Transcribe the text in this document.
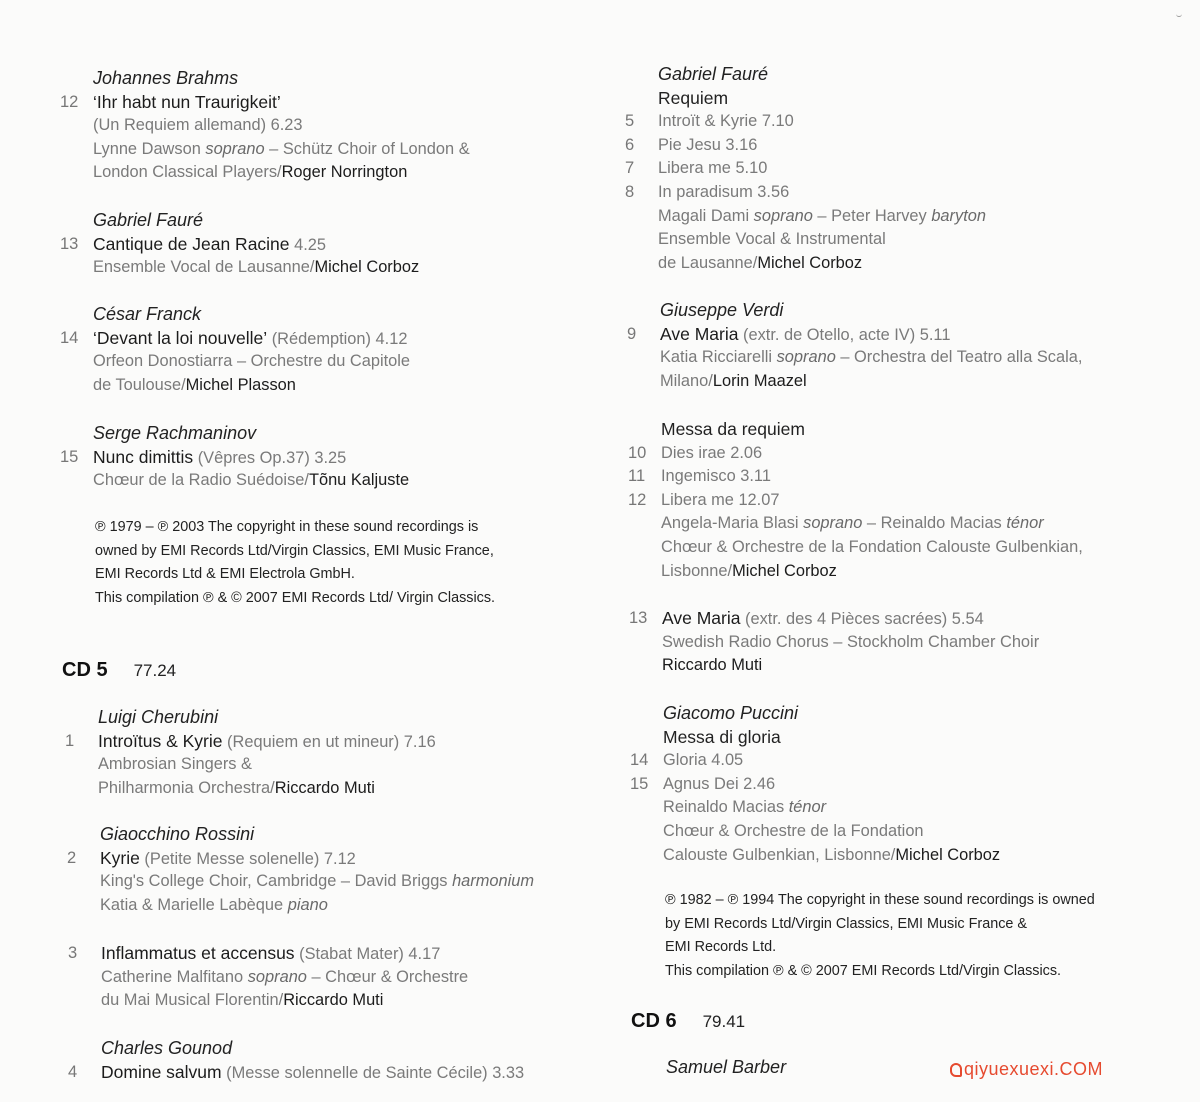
Johannes Brahms
12 ‘Ihr habt nun Traurigkeit’
(Un Requiem allemand) 6.23
Lynne Dawson soprano – Schütz Choir of London &
London Classical Players/Roger Norrington
Gabriel Fauré
13 Cantique de Jean Racine 4.25
Ensemble Vocal de Lausanne/Michel Corboz
César Franck
14 ‘Devant la loi nouvelle’ (Rédemption) 4.12
Orfeon Donostiarra – Orchestre du Capitole
de Toulouse/Michel Plasson
Serge Rachmaninov
15 Nunc dimittis (Vêpres Op.37) 3.25
Chœur de la Radio Suédoise/Tõnu Kaljuste
℗ 1979 – ℗ 2003 The copyright in these sound recordings is
owned by EMI Records Ltd/Virgin Classics, EMI Music France,
EMI Records Ltd & EMI Electrola GmbH.
This compilation ℗ & © 2007 EMI Records Ltd/ Virgin Classics.
CD 5 77.24
Luigi Cherubini
1	Introïtus & Kyrie (Requiem en ut mineur) 7.16
Ambrosian Singers &
Philharmonia Orchestra/Riccardo Muti
Giaocchino Rossini
2	Kyrie (Petite Messe solenelle) 7.12
King's College Choir, Cambridge – David Briggs harmonium
Katia & Marielle Labèque piano
3	Inflammatus et accensus (Stabat Mater) 4.17
Catherine Malfitano soprano – Chœur & Orchestre
du Mai Musical Florentin/Riccardo Muti
Charles Gounod
4	Domine salvum (Messe solennelle de Sainte Cécile) 3.33
Gabriel Fauré
Requiem
5	Introït & Kyrie 7.10
6	Pie Jesu 3.16
7	Libera me 5.10
8	In paradisum 3.56
Magali Dami soprano – Peter Harvey baryton
Ensemble Vocal & Instrumental
de Lausanne/Michel Corboz
Giuseppe Verdi
9	Ave Maria (extr. de Otello, acte IV) 5.11
Katia Ricciarelli soprano – Orchestra del Teatro alla Scala,
Milano/Lorin Maazel
Messa da requiem
10 Dies irae 2.06
11 Ingemisco 3.11
12 Libera me 12.07
Angela-Maria Blasi soprano – Reinaldo Macias ténor
Chœur & Orchestre de la Fondation Calouste Gulbenkian,
Lisbonne/Michel Corboz
13 Ave Maria (extr. des 4 Pièces sacrées) 5.54
Swedish Radio Chorus – Stockholm Chamber Choir
Riccardo Muti
Giacomo Puccini
Messa di gloria
14 Gloria 4.05
15 Agnus Dei 2.46
Reinaldo Macias ténor
Chœur & Orchestre de la Fondation
Calouste Gulbenkian, Lisbonne/Michel Corboz
℗ 1982 – ℗ 1994 The copyright in these sound recordings is owned
by EMI Records Ltd/Virgin Classics, EMI Music France &
EMI Records Ltd.
This compilation ℗ & © 2007 EMI Records Ltd/Virgin Classics.
CD 6 79.41
Samuel Barber	qiyuexuexi.COM
